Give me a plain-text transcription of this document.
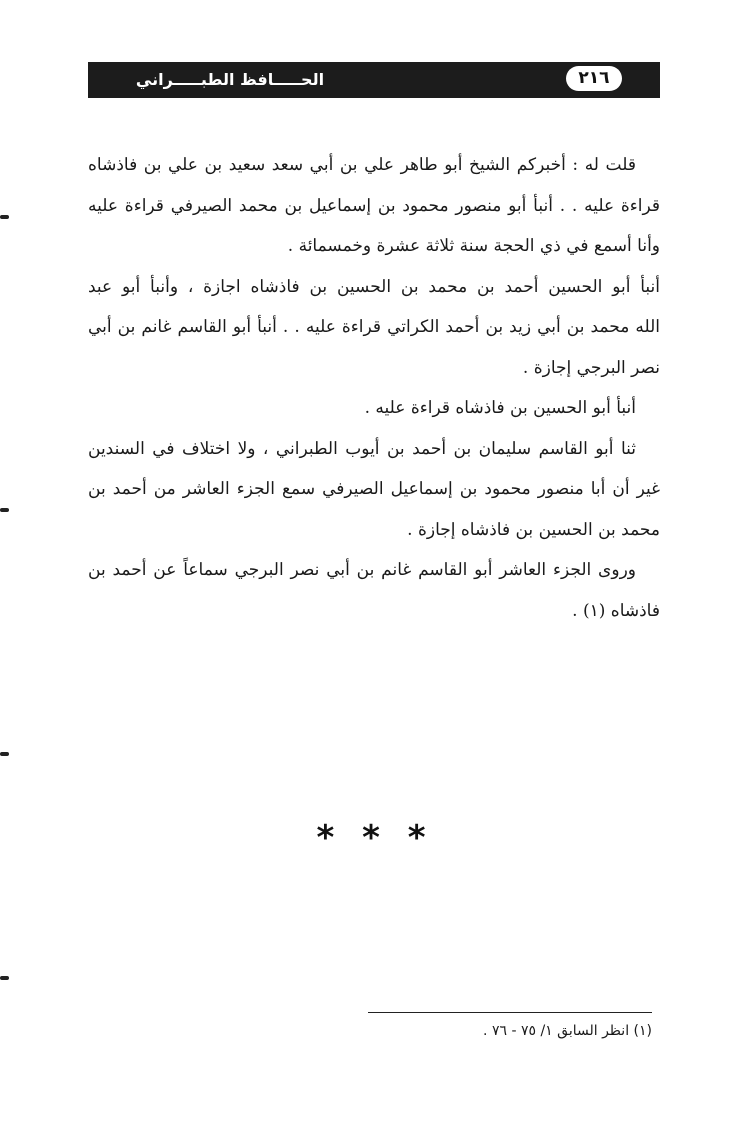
٢١٦
الحـــــافظ الطبـــــراني
قلت له : أخبركم الشيخ أبو طاهر علي بن أبي سعد سعيد بن علي بن فاذشاه
قراءة عليه . . أنبأ أبو منصور محمود بن إسماعيل بن محمد الصيرفي قراءة عليه
وأنا أسمع في ذي الحجة سنة ثلاثة عشرة وخمسمائة .
أنبأ أبو الحسين أحمد بن محمد بن الحسين بن فاذشاه اجازة ، وأنبأ أبو عبد
الله محمد بن أبي زيد بن أحمد الكراتي قراءة عليه . . أنبأ أبو القاسم غانم بن أبي
نصر البرجي إجازة .
أنبأ أبو الحسين بن فاذشاه قراءة عليه .
ثنا أبو القاسم سليمان بن أحمد بن أيوب الطبراني ، ولا اختلاف في السندين
غير أن أبا منصور محمود بن إسماعيل الصيرفي سمع الجزء العاشر من أحمد بن
محمد بن الحسين بن فاذشاه إجازة .
وروى الجزء العاشر أبو القاسم غانم بن أبي نصر البرجي سماعاً عن أحمد بن
فاذشاه (١) .
* * *
(١) انظر السابق ١/ ٧٥ - ٧٦ .
